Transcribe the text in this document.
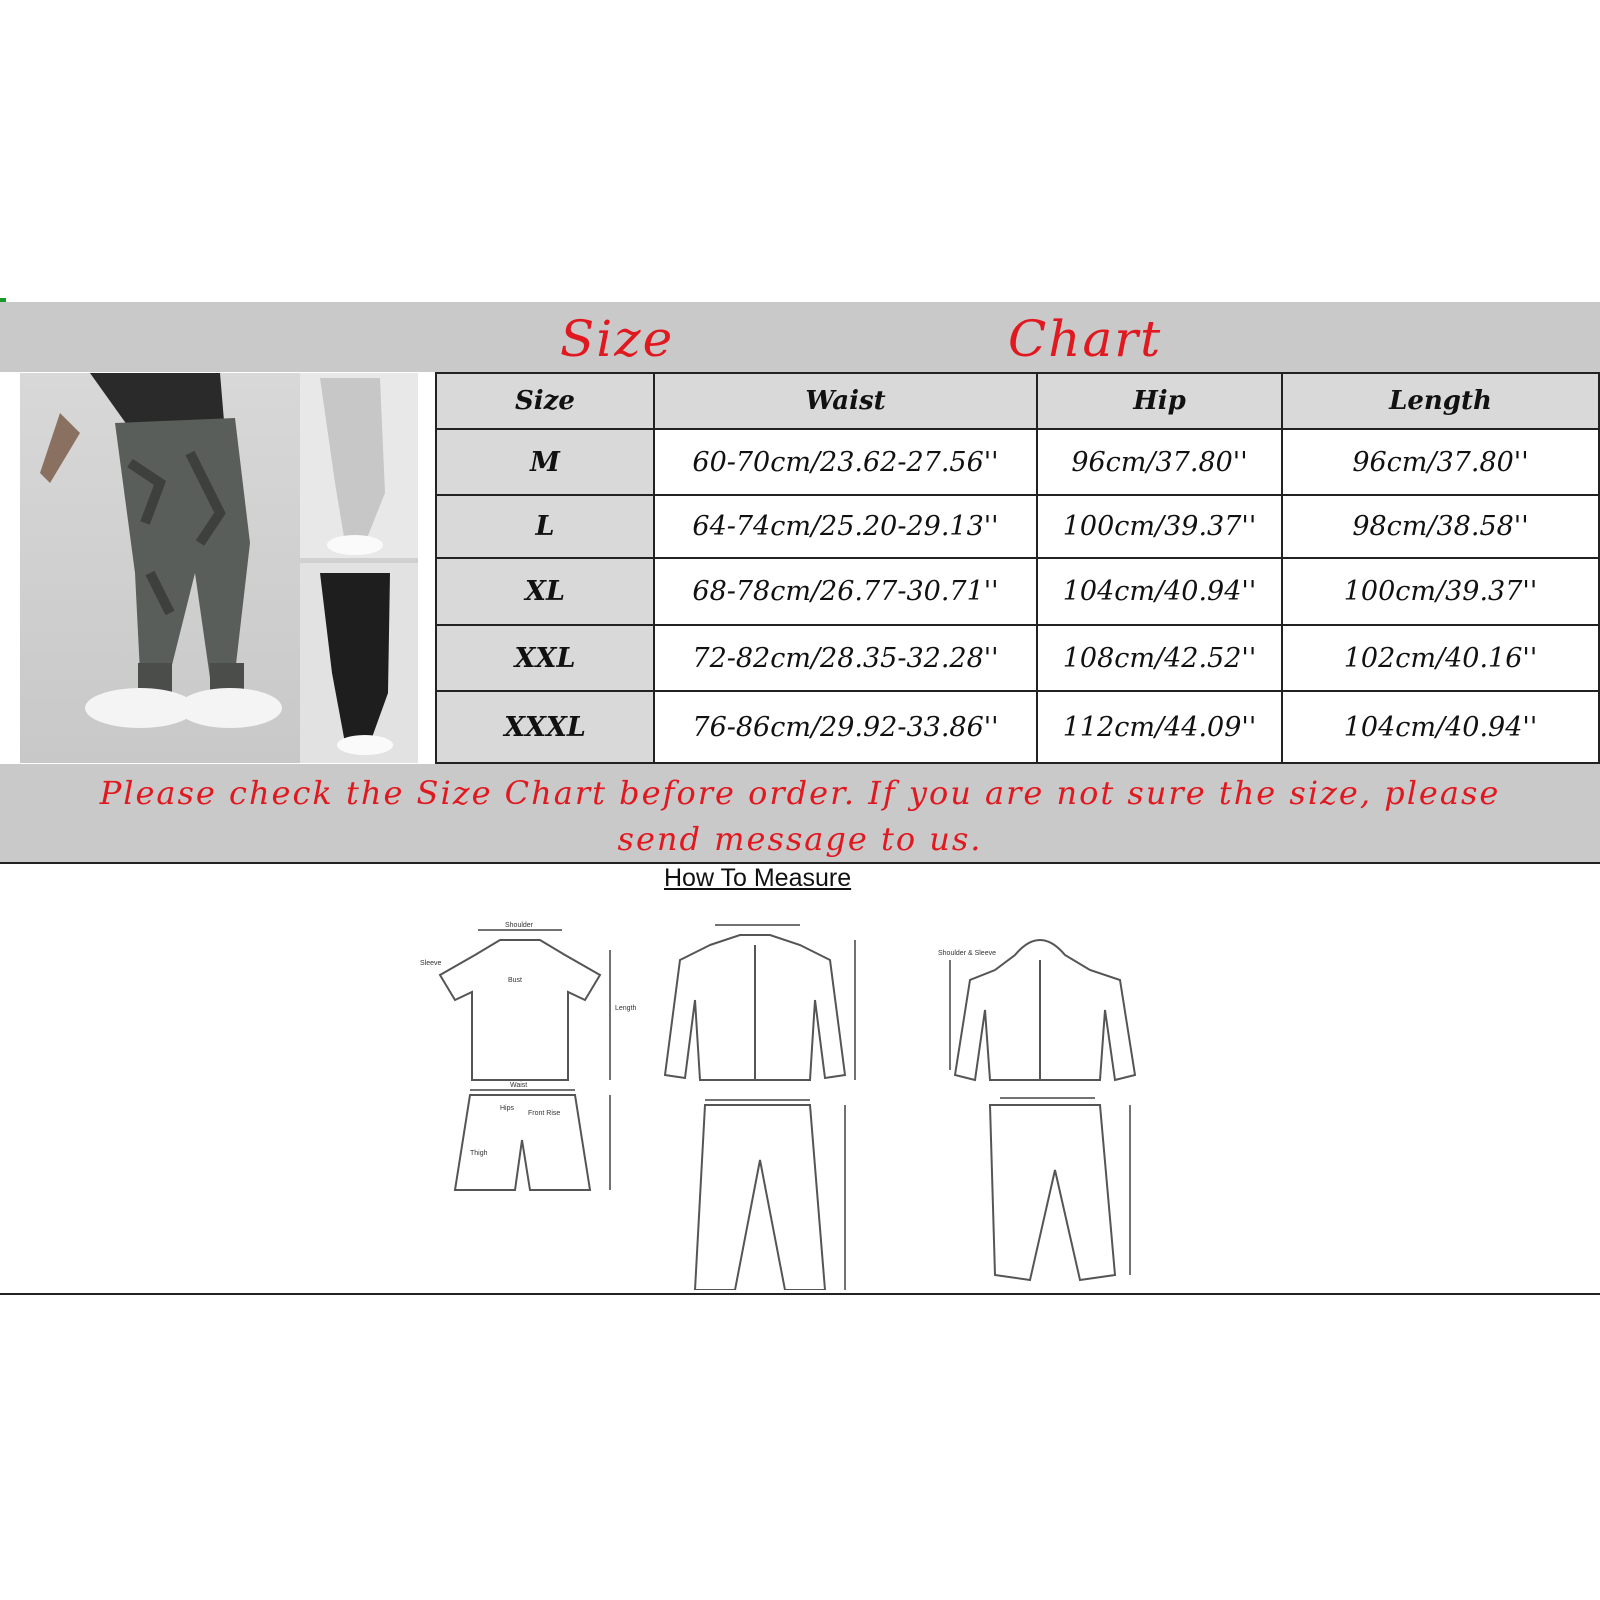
Size	Chart
Size	Waist	Hip	Length
M	60-70cm/23.62-27.56''	96cm/37.80''	96cm/37.80''
L	64-74cm/25.20-29.13''	100cm/39.37''	98cm/38.58''
XL	68-78cm/26.77-30.71''	104cm/40.94''	100cm/39.37''
XXL	72-82cm/28.35-32.28''	108cm/42.52''	102cm/40.16''
XXXL	76-86cm/29.92-33.86''	112cm/44.09''	104cm/40.94''
Please check the Size Chart before order. If you are not sure the size, please
send message to us.
How To Measure
Shoulder
Bust
Length
Waist
Hips
Front Rise
Thigh
Sleeve
Shoulder & Sleeve
